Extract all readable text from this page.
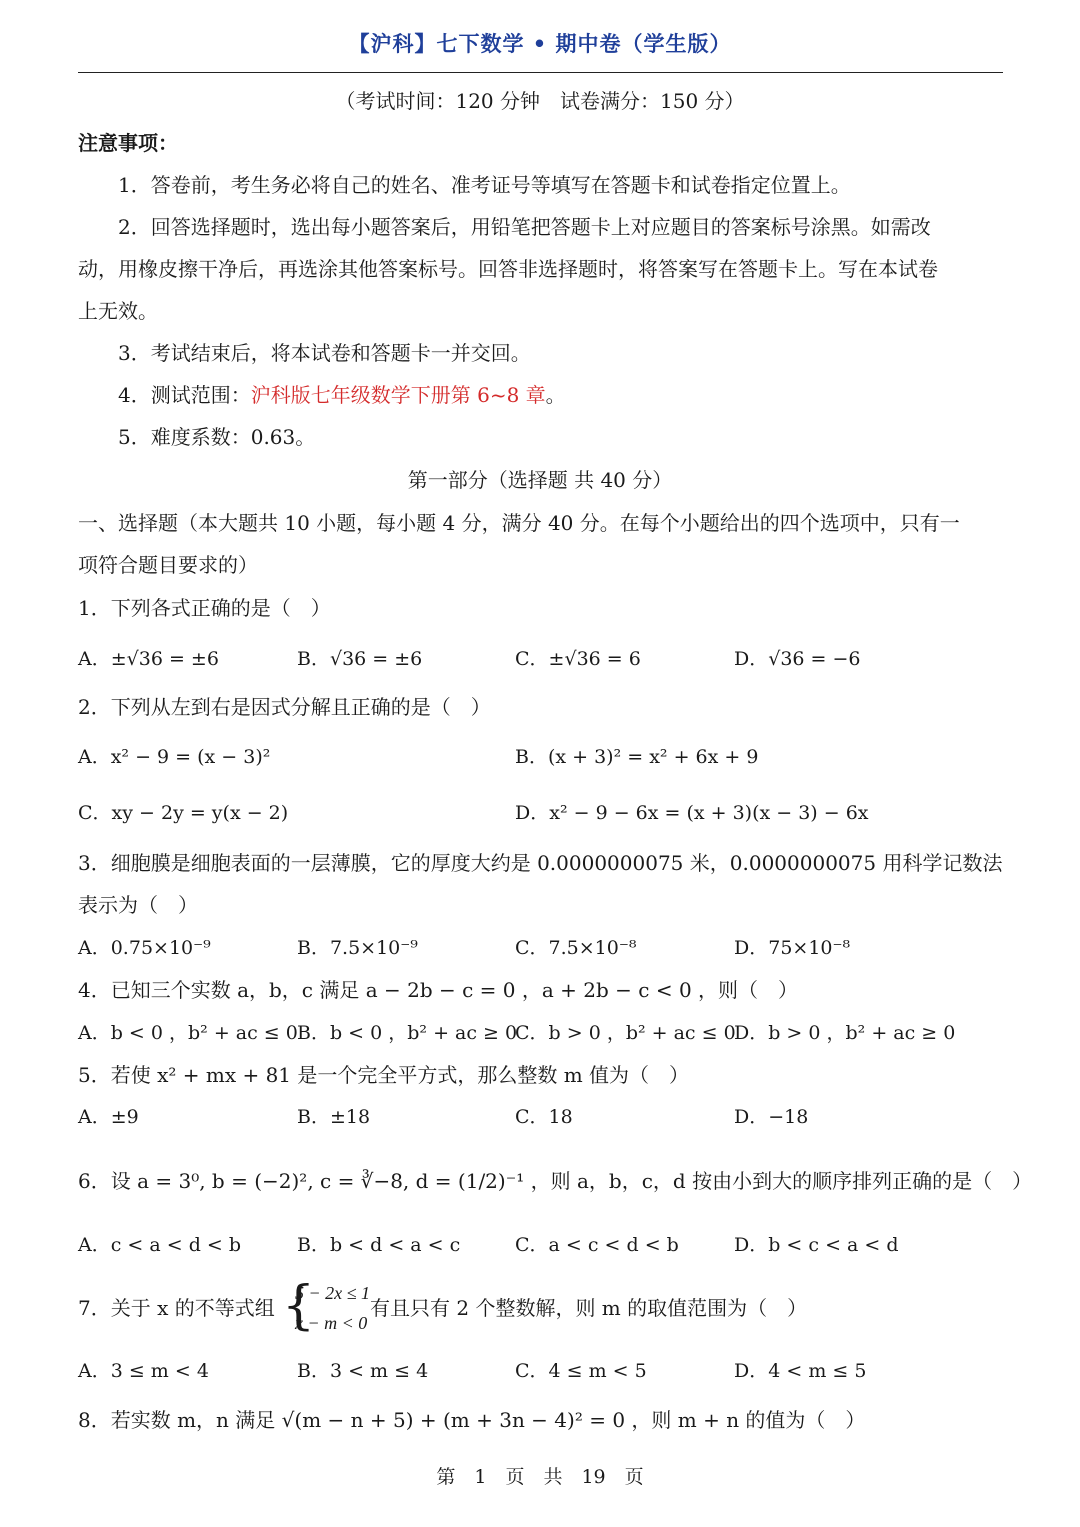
【沪科】七下数学 • 期中卷（学生版）
（考试时间：120 分钟　试卷满分：150 分）
注意事项：
1．答卷前，考生务必将自己的姓名、准考证号等填写在答题卡和试卷指定位置上。
2．回答选择题时，选出每小题答案后，用铅笔把答题卡上对应题目的答案标号涂黑。如需改
动，用橡皮擦干净后，再选涂其他答案标号。回答非选择题时，将答案写在答题卡上。写在本试卷
上无效。
3．考试结束后，将本试卷和答题卡一并交回。
4．测试范围：沪科版七年级数学下册第 6~8 章。
5．难度系数：0.63。
第一部分（选择题 共 40 分）
一、选择题（本大题共 10 小题，每小题 4 分，满分 40 分。在每个小题给出的四个选项中，只有一
项符合题目要求的）
1．下列各式正确的是（　）
A．±√36 = ±6	B．√36 = ±6	C．±√36 = 6	D．√36 = −6
2．下列从左到右是因式分解且正确的是（　）
A．x² − 9 = (x − 3)²	B．(x + 3)² = x² + 6x + 9
C．xy − 2y = y(x − 2)	D．x² − 9 − 6x = (x + 3)(x − 3) − 6x
3．细胞膜是细胞表面的一层薄膜，它的厚度大约是 0.0000000075 米，0.0000000075 用科学记数法
表示为（　）
A．0.75×10⁻⁹	B．7.5×10⁻⁹	C．7.5×10⁻⁸	D．75×10⁻⁸
4．已知三个实数 a，b，c 满足 a − 2b − c = 0 ，a + 2b − c < 0 ，则（　）
A．b < 0 ，b² + ac ≤ 0 B．b < 0 ，b² + ac ≥ 0
C．b > 0 ，b² + ac ≤ 0
D．b > 0 ，b² + ac ≥ 0
5．若使 x² + mx + 81 是一个完全平方式，那么整数 m 值为（　）
A．±9	B．±18	C．18	D．−18
6．设 a = 3⁰, b = (−2)², c = ∛−8, d = (1/2)⁻¹ ，则 a，b，c，d 按由小到大的顺序排列正确的是（　）
A．c < a < d < b	B．b < d < a < c	C．a < c < d < b	D．b < c < a < d
7．关于 x 的不等式组 {
5 − 2x ≤ 1
x − m < 0
有且只有 2 个整数解，则 m 的取值范围为（　）
A．3 ≤ m < 4	B．3 < m ≤ 4	C．4 ≤ m < 5	D．4 < m ≤ 5
8．若实数 m，n 满足 √(m − n + 5) + (m + 3n − 4)² = 0 ，则 m + n 的值为（　）
第　1　页　共　19　页
